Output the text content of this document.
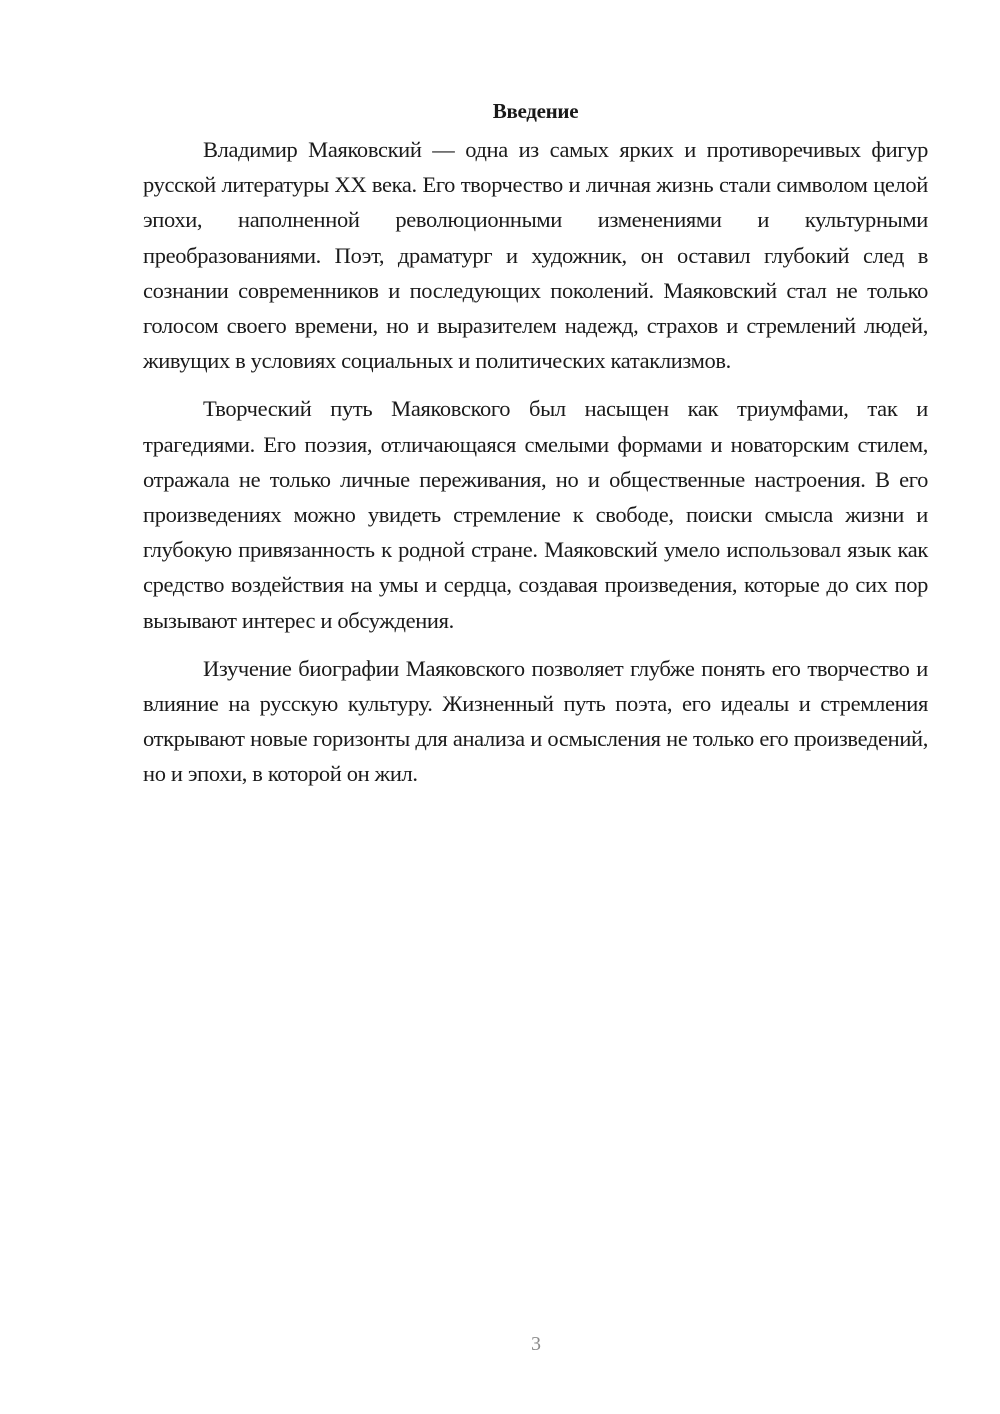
Введение

Владимир Маяковский — одна из самых ярких и противоречивых фигур русской литературы XX века. Его творчество и личная жизнь стали символом целой эпохи, наполненной революционными изменениями и культурными преобразованиями. Поэт, драматург и художник, он оставил глубокий след в сознании современников и последующих поколений. Маяковский стал не только голосом своего времени, но и выразителем надежд, страхов и стремлений людей, живущих в условиях социальных и политических катаклизмов.

Творческий путь Маяковского был насыщен как триумфами, так и трагедиями. Его поэзия, отличающаяся смелыми формами и новаторским стилем, отражала не только личные переживания, но и общественные настроения. В его произведениях можно увидеть стремление к свободе, поиски смысла жизни и глубокую привязанность к родной стране. Маяковский умело использовал язык как средство воздействия на умы и сердца, создавая произведения, которые до сих пор вызывают интерес и обсуждения.

Изучение биографии Маяковского позволяет глубже понять его творчество и влияние на русскую культуру. Жизненный путь поэта, его идеалы и стремления открывают новые горизонты для анализа и осмысления не только его произведений, но и эпохи, в которой он жил.

3
